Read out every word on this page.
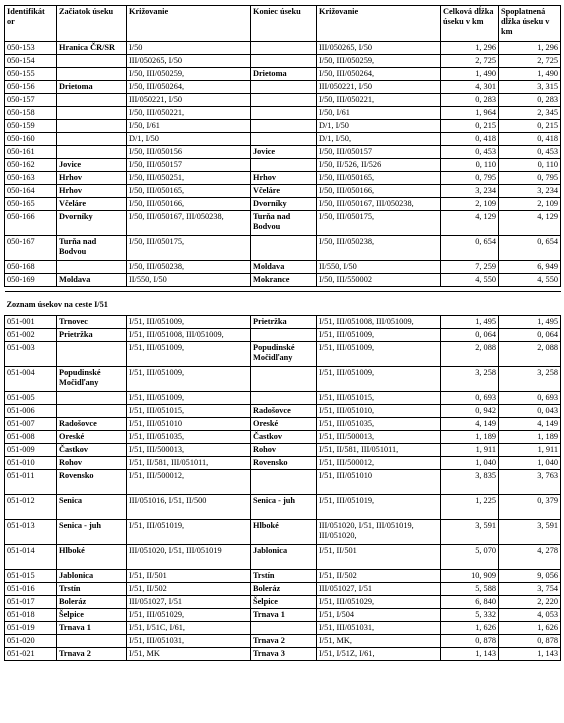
Identifikát or	Začiatok úseku	Križovanie	Koniec úseku	Križovanie	Celková dĺžka úseku v km	Spoplatnená dĺžka úseku v km
050-153	Hranica ČR/SR	I/50		III/050265, I/50	1, 296	1, 296
050-154		III/050265, I/50		I/50, III/050259,	2, 725	2, 725
050-155		I/50, III/050259,	Drietoma	I/50, III/050264,	1, 490	1, 490
050-156	Drietoma	I/50, III/050264,		III/050221, I/50	4, 301	3, 315
050-157		III/050221, I/50		I/50, III/050221,	0, 283	0, 283
050-158		I/50, III/050221,		I/50, I/61	1, 964	2, 345
050-159		I/50, I/61		D/1, I/50	0, 215	0, 215
050-160		D/1, I/50		D/1, I/50,	0, 418	0, 418
050-161		I/50, III/050156	Jovice	I/50, III/050157	0, 453	0, 453
050-162	Jovice	I/50, III/050157		I/50, II/526, II/526	0, 110	0, 110
050-163	Hrhov	I/50, III/050251,	Hrhov	I/50, III/050165,	0, 795	0, 795
050-164	Hrhov	I/50, III/050165,	Včeláre	I/50, III/050166,	3, 234	3, 234
050-165	Včeláre	I/50, III/050166,	Dvorníky	I/50, III/050167, III/050238,	2, 109	2, 109
050-166	Dvorníky	I/50, III/050167, III/050238,	Turňa nad Bodvou	I/50, III/050175,	4, 129	4, 129
050-167	Turňa nad Bodvou	I/50, III/050175,		I/50, III/050238,	0, 654	0, 654
050-168		I/50, III/050238,	Moldava	II/550, I/50	7, 259	6, 949
050-169	Moldava	II/550, I/50	Mokrance	I/50, III/550002	4, 550	4, 550

Zoznam úsekov na ceste I/51						
051-001	Trnovec	I/51, III/051009,	Prietržka	I/51, III/051008, III/051009,	1, 495	1, 495
051-002	Prietržka	I/51, III/051008, III/051009,		I/51, III/051009,	0, 064	0, 064
051-003		I/51, III/051009,	Popudinské Močidľany	I/51, III/051009,	2, 088	2, 088
051-004	Popudinské Močidľany	I/51, III/051009,		I/51, III/051009,	3, 258	3, 258
051-005		I/51, III/051009,		I/51, III/051015,	0, 693	0, 693
051-006		I/51, III/051015,	Radošovce	I/51, III/051010,	0, 942	0, 043
051-007	Radošovce	I/51, III/051010	Oreské	I/51, III/051035,	4, 149	4, 149
051-008	Oreské	I/51, III/051035,	Častkov	I/51, III/500013,	1, 189	1, 189
051-009	Častkov	I/51, III/500013,	Rohov	I/51, II/581, III/051011,	1, 911	1, 911
051-010	Rohov	I/51, II/581, III/051011,	Rovensko	I/51, III/500012,	1, 040	1, 040
051-011	Rovensko	I/51, III/500012,		I/51, III/051010	3, 835	3, 763
051-012	Senica	III/051016, I/51, II/500	Senica - juh	I/51, III/051019,	1, 225	0, 379
051-013	Senica - juh	I/51, III/051019,	Hlboké	III/051020, I/51, III/051019, III/051020,	3, 591	3, 591
051-014	Hlboké	III/051020, I/51, III/051019	Jablonica	I/51, II/501	5, 070	4, 278
051-015	Jablonica	I/51, II/501	Trstín	I/51, II/502	10, 909	9, 056
051-016	Trstín	I/51, II/502	Boleráz	III/051027, I/51	5, 588	3, 754
051-017	Boleráz	III/051027, I/51	Šelpice	I/51, III/051029,	6, 840	2, 220
051-018	Šelpice	I/51, III/051029,	Trnava 1	I/51, I/504	5, 332	4, 053
051-019	Trnava 1	I/51, I/51C, I/61,		I/51, III/051031,	1, 626	1, 626
051-020		I/51, III/051031,	Trnava 2	I/51, MK,	0, 878	0, 878
051-021	Trnava 2	I/51, MK	Trnava 3	I/51, I/51Z, I/61,	1, 143	1, 143
